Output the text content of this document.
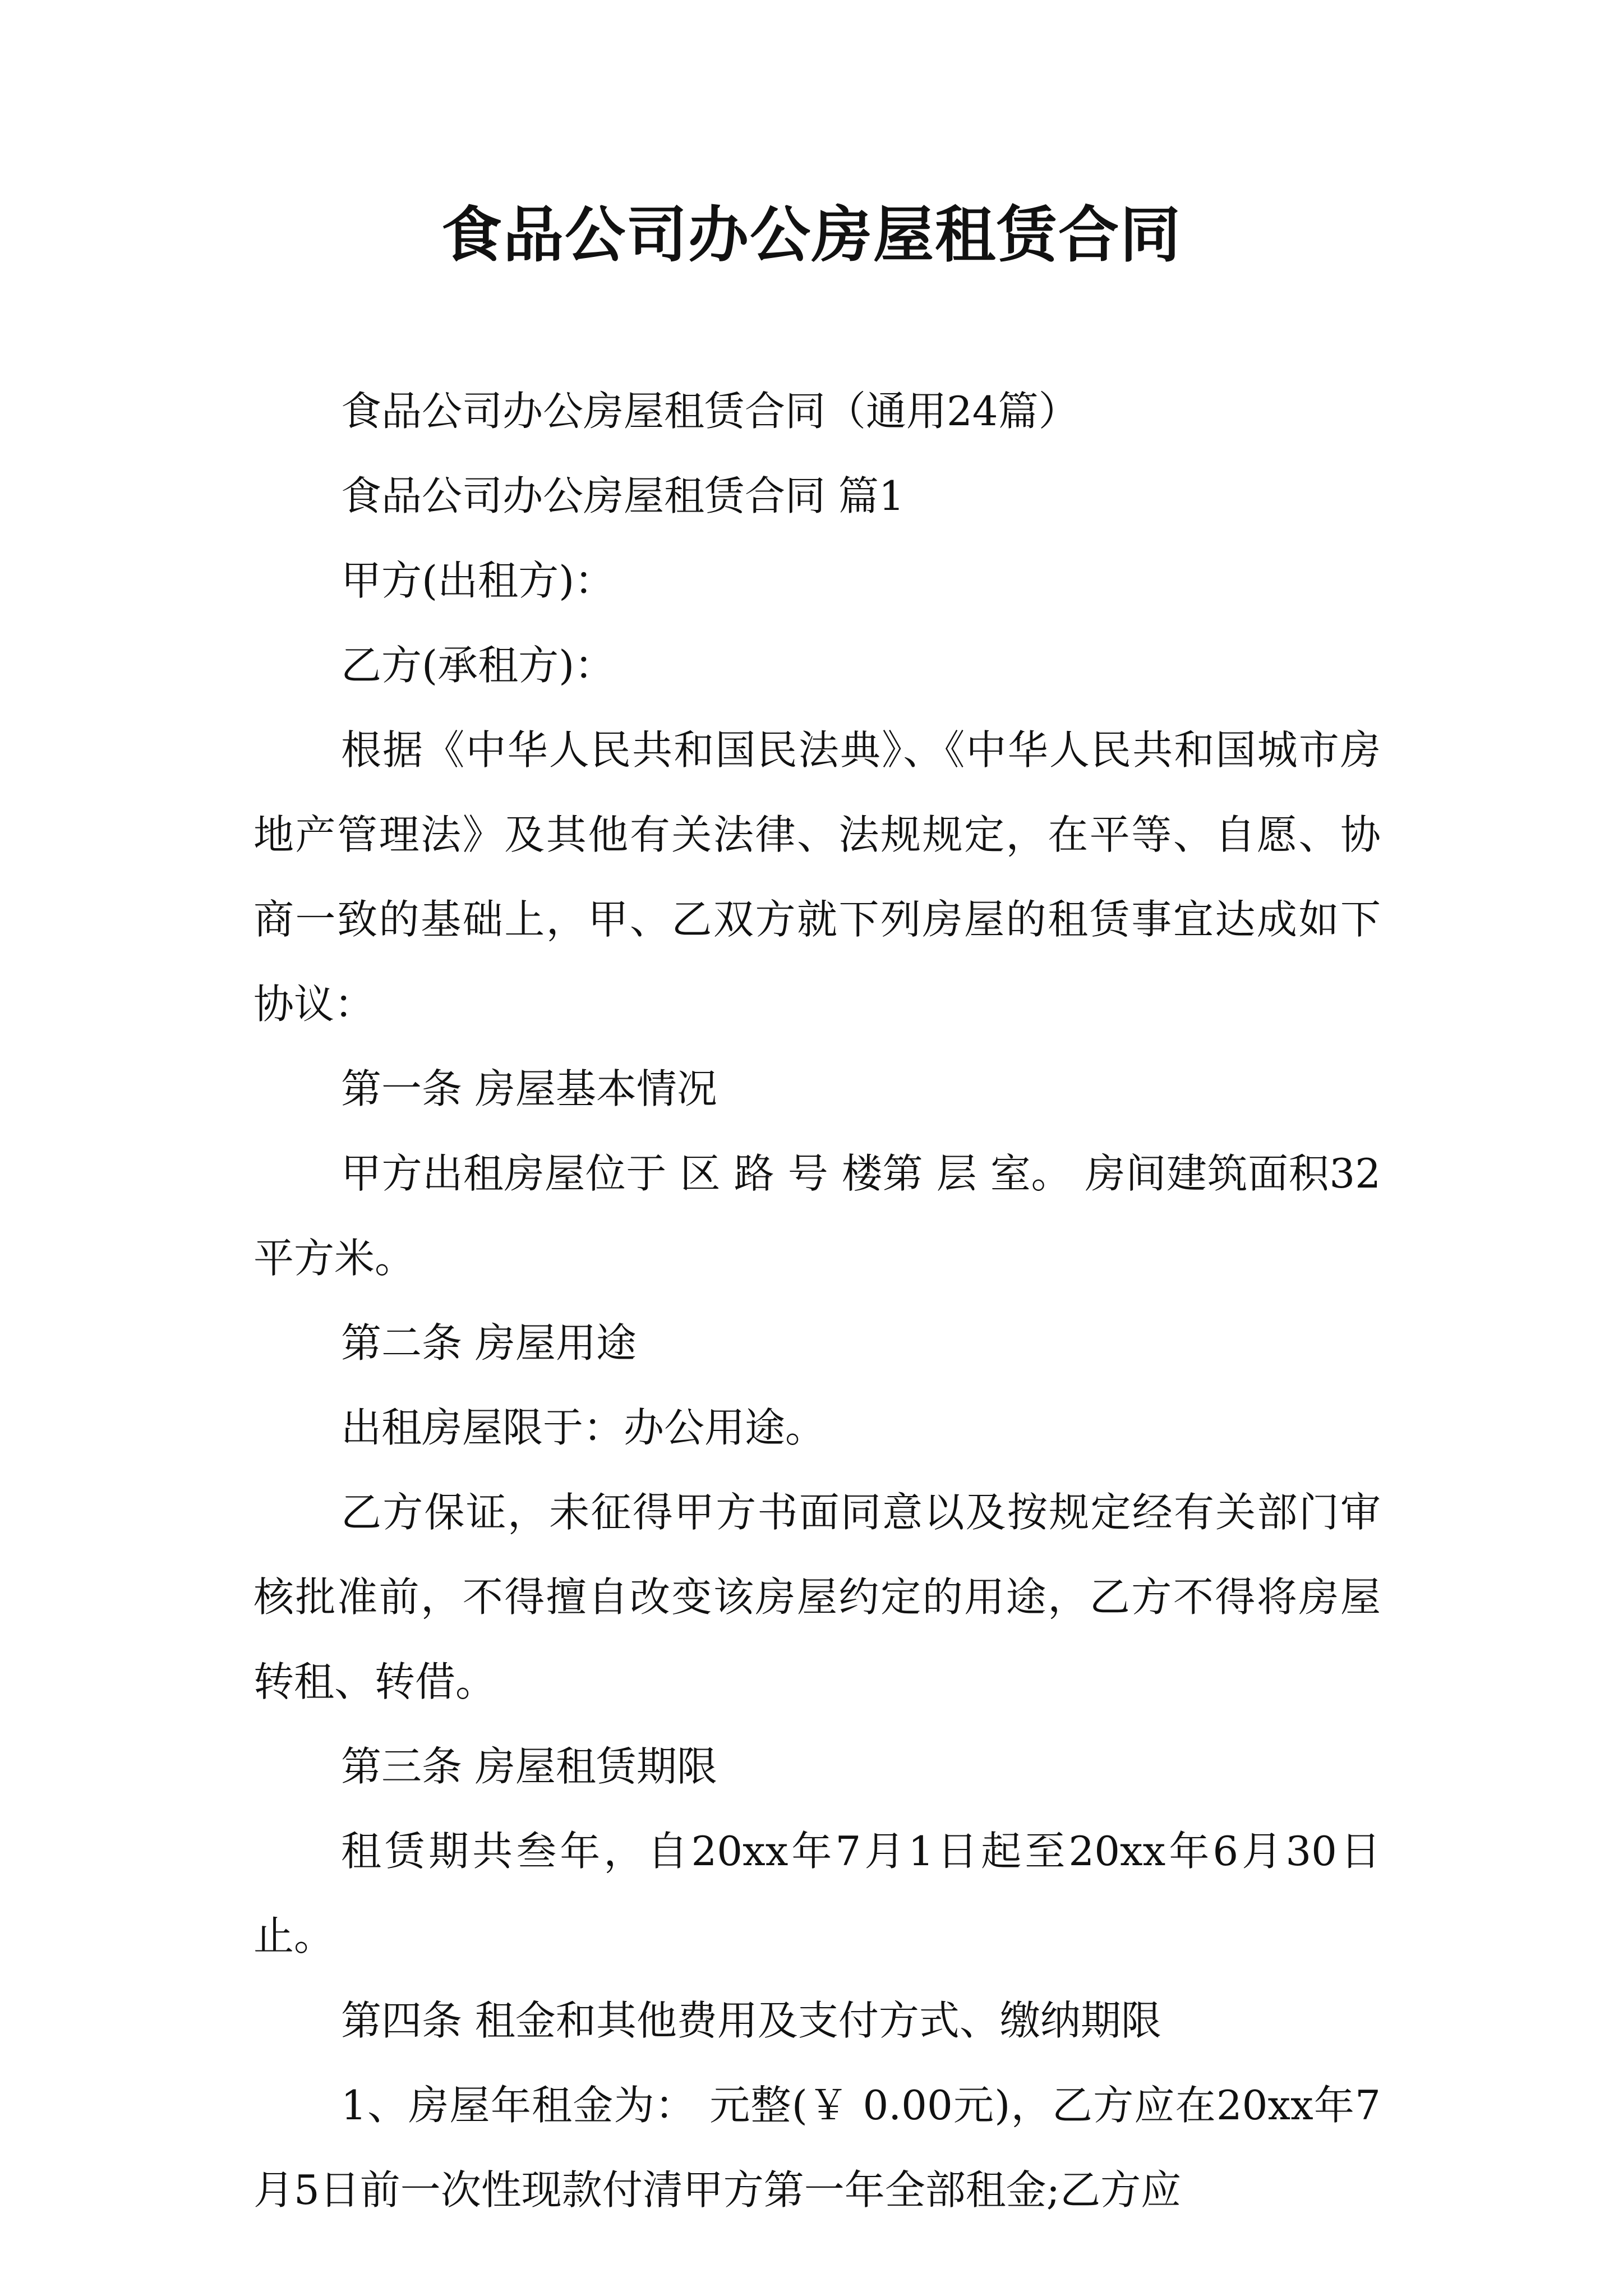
食品公司办公房屋租赁合同

食品公司办公房屋租赁合同（通用24篇）

食品公司办公房屋租赁合同 篇1

甲方(出租方)：

乙方(承租方)：

根据《中华人民共和国民法典》、《中华人民共和国城市房地产管理法》及其他有关法律、法规规定，在平等、自愿、协商一致的基础上，甲、乙双方就下列房屋的租赁事宜达成如下协议：

第一条 房屋基本情况

甲方出租房屋位于 区 路 号 楼第 层 室。 房间建筑面积32平方米。

第二条 房屋用途

出租房屋限于：办公用途。

乙方保证，未征得甲方书面同意以及按规定经有关部门审核批准前，不得擅自改变该房屋约定的用途，乙方不得将房屋转租、转借。

第三条 房屋租赁期限

租赁期共叁年，自20xx年7月1日起至20xx年6月30日止。

第四条 租金和其他费用及支付方式、缴纳期限

1、房屋年租金为： 元整(￥ 0.00元)，乙方应在20xx年7月5日前一次性现款付清甲方第一年全部租金;乙方应
